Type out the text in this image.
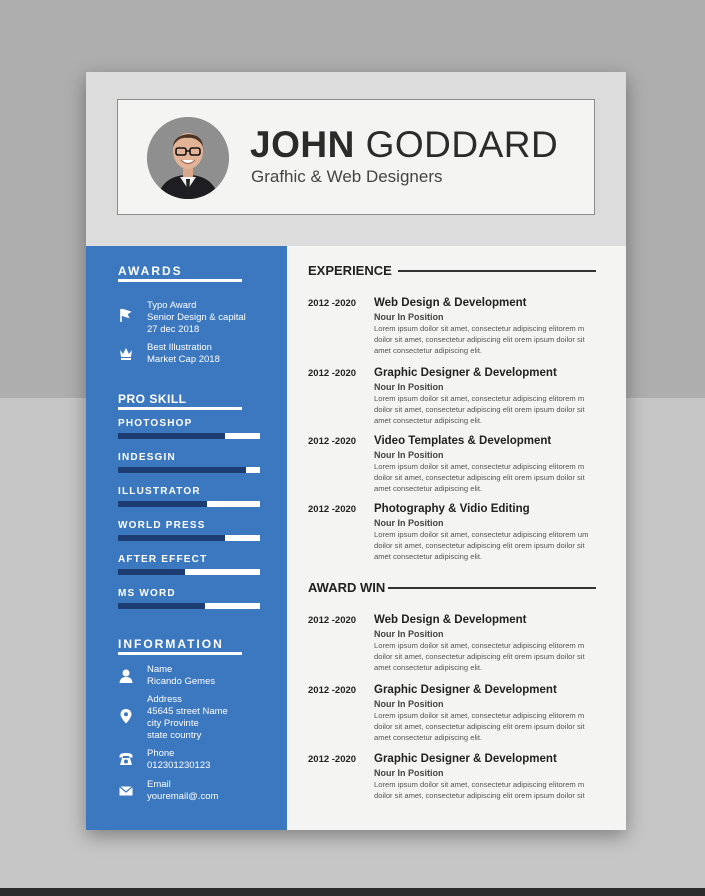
JOHN GODDARD
Grafhic & Web Designers
AWARDS
Typo Award
Senior Design & capital
27 dec 2018
Best Illustration
Market Cap 2018
PRO SKILL
PHOTOSHOP
INDESGIN
ILLUSTRATOR
WORLD PRESS
AFTER EFFECT
MS WORD
INFORMATION
Name
Ricando Gemes
Address
45645 street Name
city Provinte
state country
Phone
012301230123
Email
youremail@.com
EXPERIENCE
2012 -2020 Web Design & Development
Nour In Position
Lorem ipsum doilor sit amet, consectetur adipiscing elitorem m
doilor sit amet, consectetur adipiscing elit orem ipsum doilor sit
amet consectetur adipiscing elit.
2012 -2020 Graphic Designer & Development
Nour In Position
Lorem ipsum doilor sit amet, consectetur adipiscing elitorem m
doilor sit amet, consectetur adipiscing elit orem ipsum doilor sit
amet consectetur adipiscing elit.
2012 -2020 Video Templates & Development
Nour In Position
Lorem ipsum doilor sit amet, consectetur adipiscing elitorem m
doilor sit amet, consectetur adipiscing elit orem ipsum doilor sit
amet consectetur adipiscing elit.
2012 -2020 Photography & Vidio Editing
Nour In Position
Lorem ipsum doilor sit amet, consectetur adipiscing elitorem um
doilor sit amet, consectetur adipiscing elit orem ipsum doilor sit
amet consectetur adipiscing elit.
AWARD WIN
2012 -2020 Web Design & Development
Nour In Position
Lorem ipsum doilor sit amet, consectetur adipiscing elitorem m
doilor sit amet, consectetur adipiscing elit orem ipsum doilor sit
amet consectetur adipiscing elit.
2012 -2020 Graphic Designer & Development
Nour In Position
Lorem ipsum doilor sit amet, consectetur adipiscing elitorem m
doilor sit amet, consectetur adipiscing elit orem ipsum doilor sit
amet consectetur adipiscing elit.
2012 -2020 Graphic Designer & Development
Nour In Position
Lorem ipsum doilor sit amet, consectetur adipiscing elitorem m
doilor sit amet, consectetur adipiscing elit orem ipsum doilor sit
